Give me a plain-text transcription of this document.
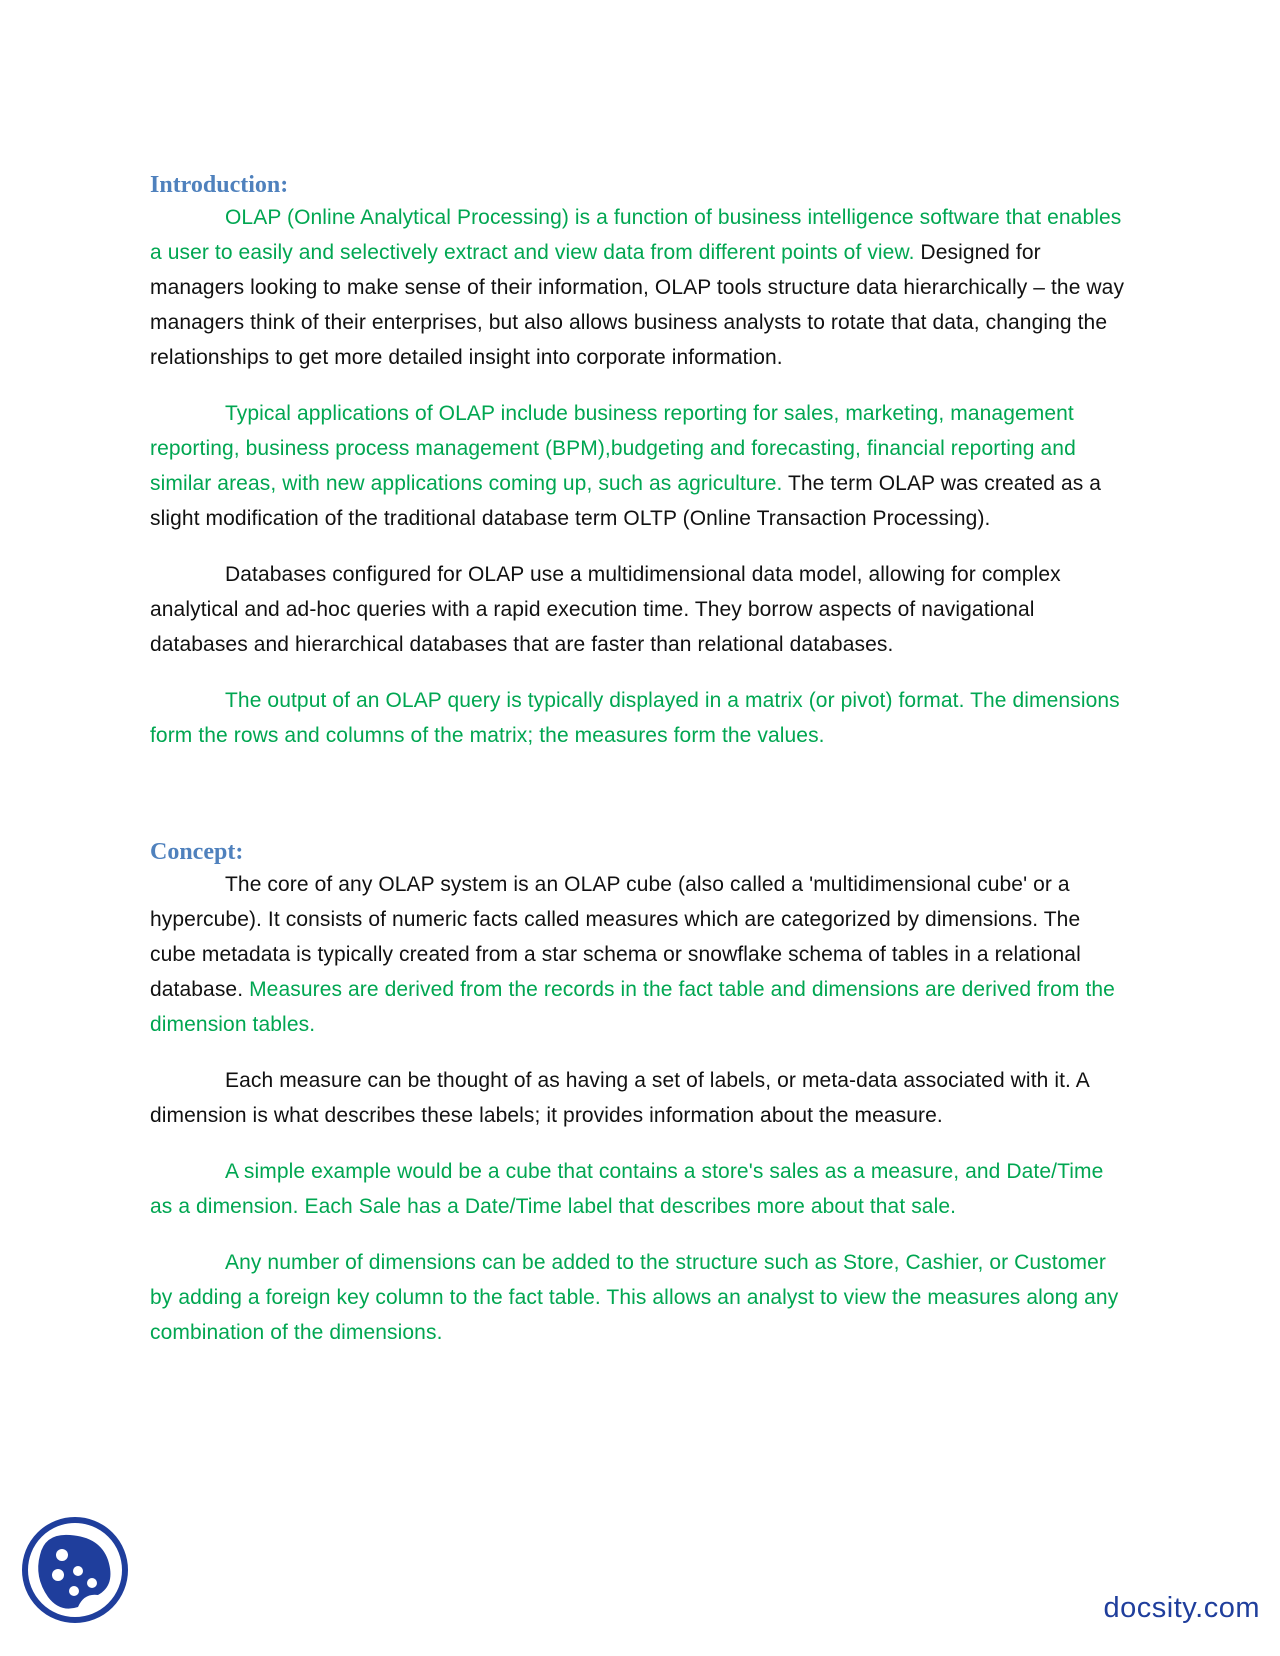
Introduction:

OLAP (Online Analytical Processing) is a function of business intelligence software that enables a user to easily and selectively extract and view data from different points of view. Designed for managers looking to make sense of their information, OLAP tools structure data hierarchically – the way managers think of their enterprises, but also allows business analysts to rotate that data, changing the relationships to get more detailed insight into corporate information.

Typical applications of OLAP include business reporting for sales, marketing, management reporting, business process management (BPM),budgeting and forecasting, financial reporting and similar areas, with new applications coming up, such as agriculture. The term OLAP was created as a slight modification of the traditional database term OLTP (Online Transaction Processing).

Databases configured for OLAP use a multidimensional data model, allowing for complex analytical and ad-hoc queries with a rapid execution time. They borrow aspects of navigational databases and hierarchical databases that are faster than relational databases.

The output of an OLAP query is typically displayed in a matrix (or pivot) format. The dimensions form the rows and columns of the matrix; the measures form the values.

Concept:

The core of any OLAP system is an OLAP cube (also called a 'multidimensional cube' or a hypercube). It consists of numeric facts called measures which are categorized by dimensions. The cube metadata is typically created from a star schema or snowflake schema of tables in a relational database. Measures are derived from the records in the fact table and dimensions are derived from the dimension tables.

Each measure can be thought of as having a set of labels, or meta-data associated with it. A dimension is what describes these labels; it provides information about the measure.

A simple example would be a cube that contains a store's sales as a measure, and Date/Time as a dimension. Each Sale has a Date/Time label that describes more about that sale.

Any number of dimensions can be added to the structure such as Store, Cashier, or Customer by adding a foreign key column to the fact table. This allows an analyst to view the measures along any combination of the dimensions.

docsity.com
